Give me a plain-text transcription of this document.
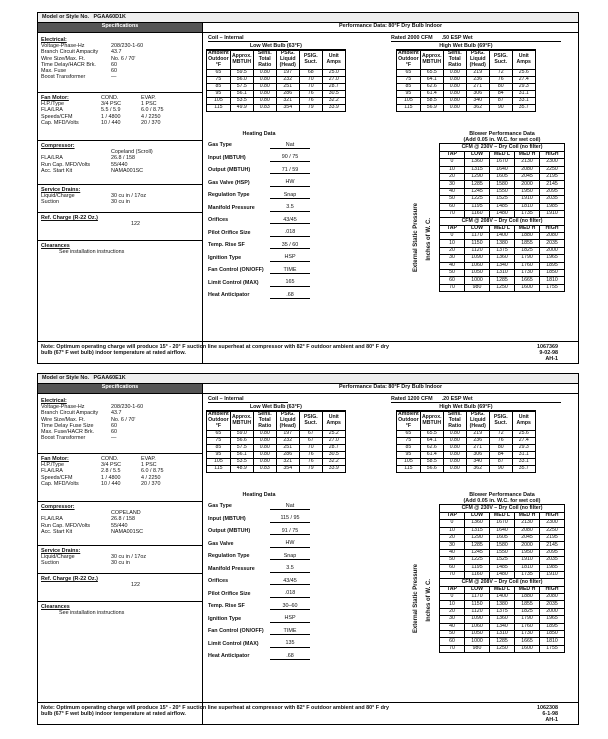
Model or Style No. PGAA60D1K
Specifications	Performance Data: 80°F Dry Bulb Indoor
Electrical:
Voltage-Phase-Hz	208/230-1-60
Branch Circuit Ampacity	43.7
Wire Size/Max. Ft.	No. 6 / 70'
Time Delay/HACR Brk.	60
Max. Fuse	60
Boost Transformer	—
Fan Motor:	COND.	EVAP.
H.P./Type	3/4 PSC	1 PSC
FLA/LRA	5.5 / 5.9	6.0 / 8.75
Speeds/CFM	1 / 4800	4 / 2250
Cap. MFD/Volts	10 / 440	20 / 370
Compressor:
Copeland (Scroll)
FLA/LRA	26.8 / 158
Run Cap. MFD/Volts	55/440
Acc. Start Kit	NAMA001SC
Service Drains:
Liquid/Charge	30 cu in / 17oz
Suction	30 cu in
Ref. Charge (R-22 Oz.)
122
Clearances
See installation instructions
Coil – Internal	Rated 2000 CFM .50 ESP Wet
Low Wet Bulb (63°F)
Ambient Outdoor °F	Approx. MBTUH	Sens. Total Ratio	PSIG. Liquid (Head)	PSIG. Suct.	Unit Amps
65	59.5	0.80	197	68	25.0
75	56.0	0.80	232	70	27.0
85	57.5	0.80	251	70	28.7
95	56.1	0.80	286	76	30.5
105	53.5	0.80	321	76	32.2
115	49.9	0.83	354	79	33.9
High Wet Bulb (69°F)
Ambient Outdoor °F	Approx. MBTUH	Sens. Total Ratio	PSIG. Liquid (Head)	PSIG. Suct.	Unit Amps
65	65.5	0.80	219	72	25.6
75	64.1	0.80	236	76	27.4
85	62.6	0.80	271	80	29.3
95	61.4	0.80	306	84	31.1
105	58.5	0.80	340	87	33.1
115	56.9	0.80	362	90	35.7
Heating Data
Gas Type	Nat
Input (MBTUH)	90 / 75
Output (MBTUH)	71 / 59
Gas Valve (HSP)	HW
Regulation Type	Snap
Manifold Pressure	3.5
Orifices	43/45
Pilot Orifice Size	.018
Temp. Rise SF	35 / 60
Ignition Type	HSP
Fan Control (ON/OFF)	TIME
Limit Control (MAX)	165
Heat Anticipator	.68
External Static Pressure Inches of W. C.
Blower Performance Data
(Add 0.05 in. W.C. for wet coil)
CFM @ 230V – Dry Coil (no filter)				
TAP	LOW	MED L	MED H	HIGH
0	1360	1670	2130	2300
10	1315	1640	2080	2250
20	1290	1605	2045	2195
30	1285	1580	2000	2145
40	1245	1550	1950	2095
50	1225	1525	1910	2035
60	1195	1485	1810	1985
70	1160	1480	1735	1910
CFM @ 208V – Dry Coil (no filter)				
TAP	LOW	MED L	MED H	HIGH
0	1170	1400	1880	2080
10	1150	1380	1855	2035
20	1120	1375	1825	2000
30	1090	1360	1790	1965
40	1060	1340	1760	1895
50	1050	1310	1730	1850
60	1000	1285	1665	1810
70	980	1250	1600	1755
Note: Optimum operating charge will produce 15° - 20° F suction line superheat at compressor with 82° F outdoor ambient and 80° F dry bulb (67° F wet bulb) indoor temperature at rated airflow.
1067369
9-02-98
AH-1
Model or Style No. PGAA60E1K
Specifications	Performance Data: 80°F Dry Bulb Indoor
Electrical:
Voltage-Phase-Hz	208/230-1-60
Branch Circuit Ampacity	43.7
Wire Size/Max. Ft.	No. 6 / 70'
Time Delay Fuse Size	60
Max. Fuse/HACR Brk.	60
Boost Transformer	—
Fan Motor:	COND.	EVAP.
H.P./Type	3/4 PSC	1 PSC
FLA/LRA	2.8 / 5.5	6.0 / 8.75
Speeds/CFM	1 / 4800	4 / 2250
Cap. MFD/Volts	10 / 440	20 / 370
Compressor:
COPELAND
FLA/LRA	26.8 / 158
Run Cap. MFD/Volts	55/440
Acc. Start Kit	NAMA001SC
Service Drains:
Liquid/Charge	30 cu in / 17oz
Suction	30 cu in
Ref. Charge (R-22 Oz.)
122
Clearances
See installation instructions
Coil – Internal	Rated 1200 CFM .20 ESP Wet
Low Wet Bulb (63°F)
Ambient Outdoor °F	Approx. MBTUH	Sens. Total Ratio	PSIG. Liquid (Head)	PSIG. Suct.	Unit Amps
65	59.0	0.80	197	67	25.2
75	56.6	0.80	232	67	27.0
85	57.5	0.80	251	70	28.7
95	56.1	0.80	286	76	30.5
105	53.5	0.80	321	76	32.2
115	48.9	0.83	354	79	33.9
High Wet Bulb (69°F)
Ambient Outdoor °F	Approx. MBTUH	Sens. Total Ratio	PSIG. Liquid (Head)	PSIG. Suct.	Unit Amps
65	65.5	0.80	219	72	25.6
75	64.1	0.80	236	76	27.4
85	62.6	0.80	271	80	29.3
95	61.4	0.80	306	84	31.1
105	58.5	0.80	340	87	33.1
115	56.6	0.80	362	90	35.7
Heating Data
Gas Type	Nat
Input (MBTUH)	115 / 95
Output (MBTUH)	91 / 75
Gas Valve	HW
Regulation Type	Snap
Manifold Pressure	3.5
Orifices	43/45
Pilot Orifice Size	.018
Temp. Rise SF	30–60
Ignition Type	HSP
Fan Control (ON/OFF)	TIME
Limit Control (MAX)	135
Heat Anticipator	.68
External Static Pressure Inches of W. C.
Blower Performance Data
(Add 0.05 in. W.C. for wet coil)
CFM @ 230V – Dry Coil (no filter)				
TAP	LOW	MED L	MED H	HIGH
0	1360	1670	2130	2300
10	1315	1640	2080	2250
20	1290	1605	2045	2195
30	1285	1580	2000	2145
40	1245	1550	1950	2095
50	1225	1525	1910	2035
60	1195	1485	1810	1985
70	1160	1480	1735	1910
CFM @ 208V – Dry Coil (no filter)				
TAP	LOW	MED L	MED H	HIGH
0	1170	1400	1880	2080
10	1150	1380	1855	2035
20	1120	1375	1825	2000
30	1090	1360	1790	1965
40	1060	1340	1760	1895
50	1050	1310	1730	1850
60	1000	1285	1665	1810
70	980	1250	1600	1755
Note: Optimum operating charge will produce 15° - 20° F suction line superheat at compressor with 82° F outdoor ambient and 80° F dry bulb (67° F wet bulb) indoor temperature at rated airflow.
1062308
6-1-98
AH-1
